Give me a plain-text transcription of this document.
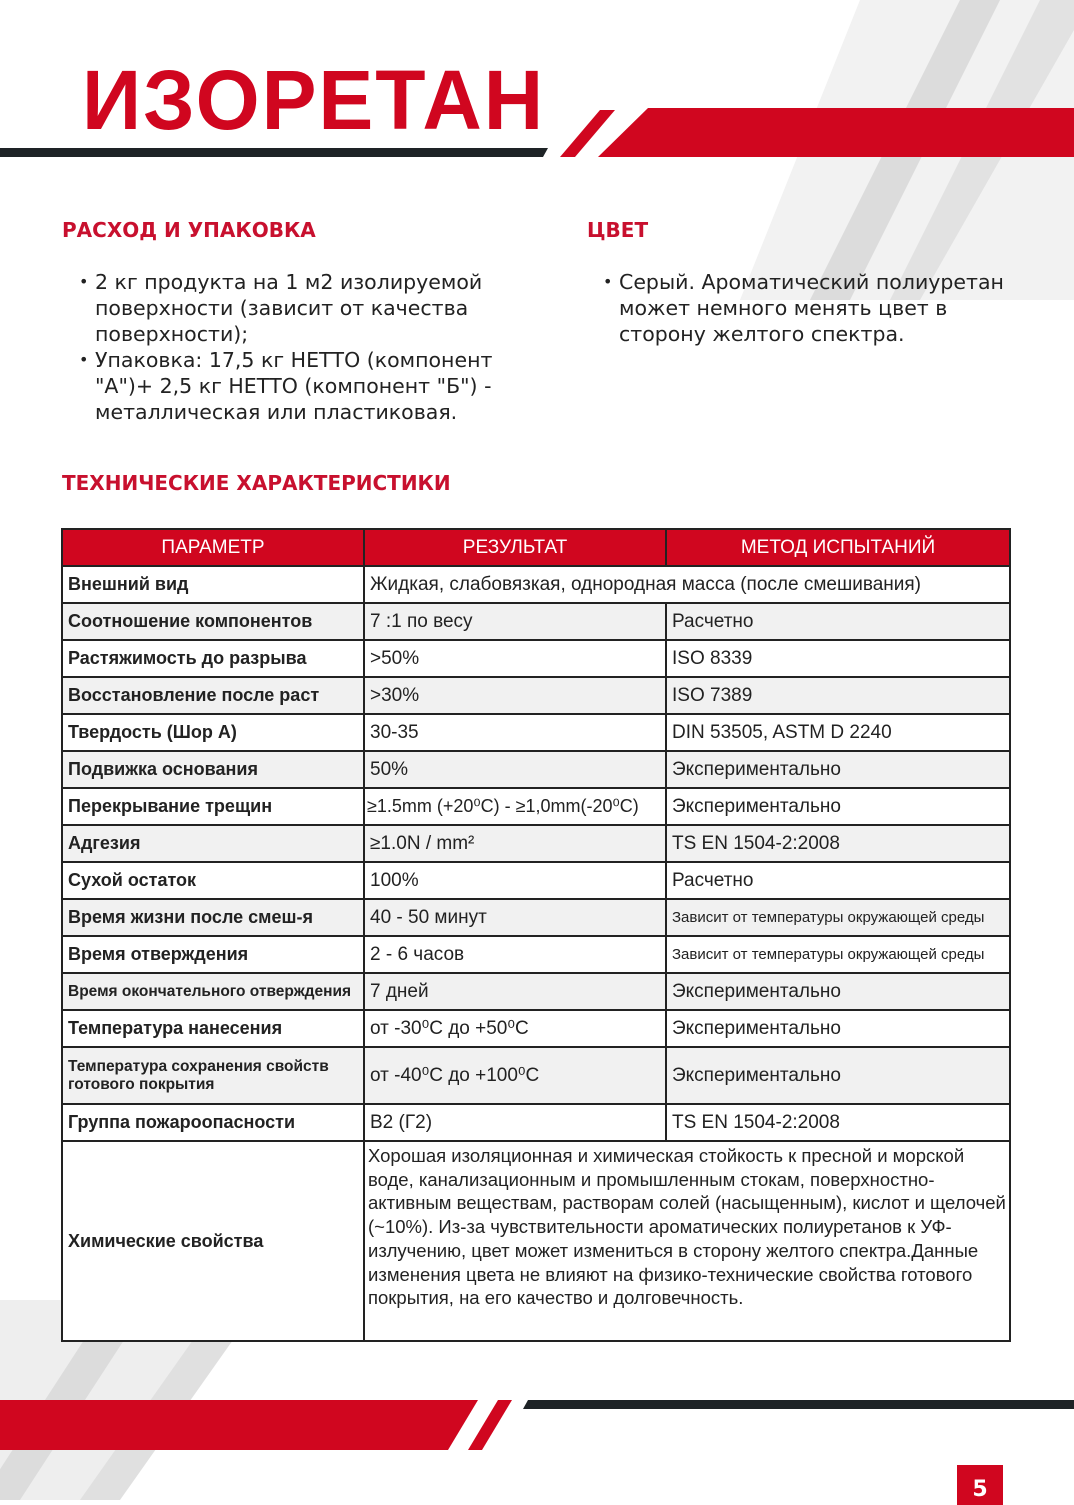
ИЗОРЕТАН
РАСХОД И УПАКОВКА
• 2 кг продукта на 1 м2 изолируемой поверхности (зависит от качества поверхности);
• Упаковка: 17,5 кг НЕТТО (компонент "А")+ 2,5 кг НЕТТО (компонент "Б") - металлическая или пластиковая.
ЦВЕТ
• Серый. Ароматический полиуретан может немного менять цвет в сторону желтого спектра.
ТЕХНИЧЕСКИЕ ХАРАКТЕРИСТИКИ
ПАРАМЕТР	РЕЗУЛЬТАТ	МЕТОД ИСПЫТАНИЙ
Внешний вид	Жидкая, слабовязкая, однородная масса (после смешивания)	
Соотношение компонентов	7 :1 по весу	Расчетно
Растяжимость до разрыва	>50%	ISO 8339
Восстановление после раст	>30%	ISO 7389
Твердость (Шор А)	30-35	DIN 53505, ASTM D 2240
Подвижка основания	50%	Экспериментально
Перекрывание трещин	≥1.5mm (+20⁰С) - ≥1,0mm(-20⁰С)	Экспериментально
Адгезия	≥1.0N / mm²	TS EN 1504-2:2008
Сухой остаток	100%	Расчетно
Время жизни после смеш-я	40 - 50 минут	Зависит от температуры окружающей среды
Время отверждения	2 - 6 часов	Зависит от температуры окружающей среды
Время окончательного отверждения	7 дней	Экспериментально
Температура нанесения	от -30⁰С до +50⁰С	Экспериментально
Температура сохранения свойств готового покрытия	от -40⁰С до +100⁰С	Экспериментально
Группа пожароопасности	В2 (Г2)	TS EN 1504-2:2008
Химические свойства	Хорошая изоляционная и химическая стойкость к пресной и морской воде, канализационным и промышленным стокам, поверхностно-активным веществам, растворам солей (насыщенным), кислот и щелочей (~10%). Из-за чувствительности ароматических полиуретанов к УФ-излучению, цвет может измениться в сторону желтого спектра.Данные изменения цвета не влияют на физико-технические свойства готового покрытия, на его качество и долговечность.	
5
